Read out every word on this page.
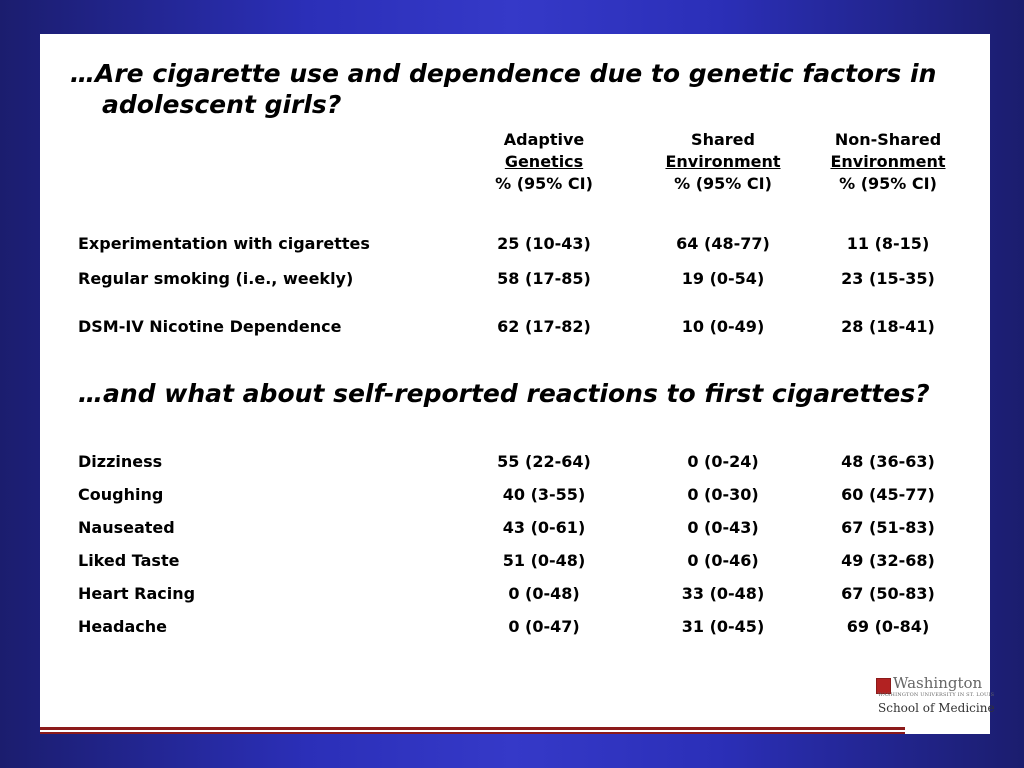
…Are cigarette use and dependence due to genetic factors in adolescent girls?
Adaptive
Genetics
% (95% CI)
Shared
Environment
% (95% CI)
Non-Shared
Environment
% (95% CI)
Experimentation with cigarettes	25 (10-43)	64 (48-77)	11 (8-15)
Regular smoking (i.e., weekly)	58 (17-85)	19 (0-54)	23 (15-35)
DSM-IV Nicotine Dependence	62 (17-82)	10 (0-49)	28 (18-41)
…and what about self-reported reactions to first cigarettes?
Dizziness	55 (22-64)	0 (0-24)	48 (36-63)
Coughing	40 (3-55)	0 (0-30)	60 (45-77)
Nauseated	43 (0-61)	0 (0-43)	67 (51-83)
Liked Taste	51 (0-48)	0 (0-46)	49 (32-68)
Heart Racing	0 (0-48)	33 (0-48)	67 (50-83)
Headache	0 (0-47)	31 (0-45)	69 (0-84)
Washington
WASHINGTON UNIVERSITY IN ST. LOUIS
School of Medicine
